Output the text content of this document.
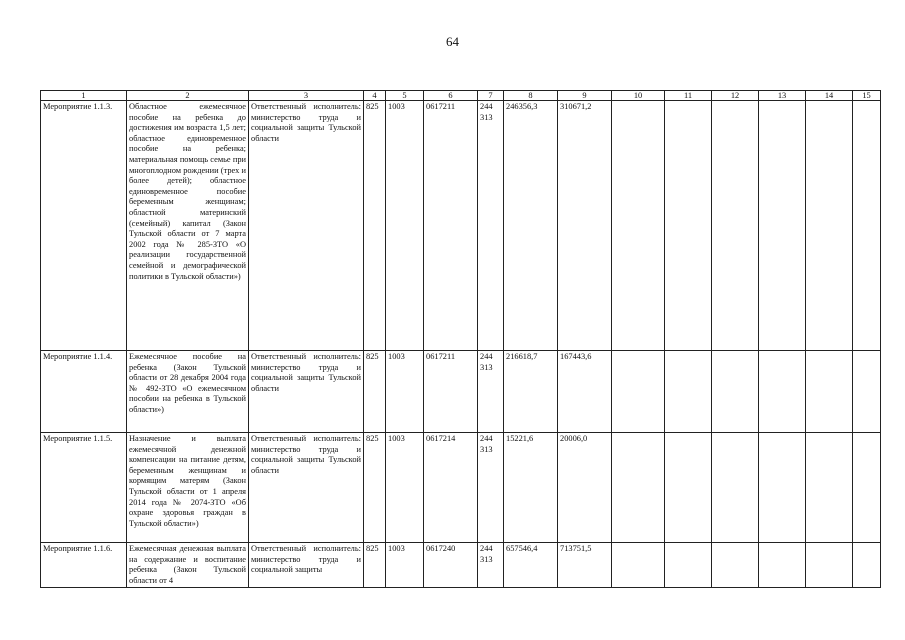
64
1	2	3	4	5	6	7	8	9	10	11	12	13	14	15
Мероприятие 1.1.3.	Областное ежемесячное пособие на ребенка до достижения им возраста 1,5 лет; областное единовременное пособие на ребенка; материальная помощь семье при многоплодном рождении (трех и более детей); областное единовременное пособие беременным женщинам; областной материнский (семейный) капитал (Закон Тульской области от 7 марта 2002 года № 285-ЗТО «О реализации государственной семейной и демографической политики в Тульской области»)	Ответственный исполнитель: министерство труда и социальной защиты Тульской области	825	1003	0617211	244 313	246356,3	310671,2						
Мероприятие 1.1.4.	Ежемесячное пособие на ребенка (Закон Тульской области от 28 декабря 2004 года № 492-ЗТО «О ежемесячном пособии на ребенка в Тульской области»)	Ответственный исполнитель: министерство труда и социальной защиты Тульской области	825	1003	0617211	244 313	216618,7	167443,6						
Мероприятие 1.1.5.	Назначение и выплата ежемесячной денежной компенсации на питание детям, беременным женщинам и кормящим матерям (Закон Тульской области от 1 апреля 2014 года № 2074-ЗТО «Об охране здоровья граждан в Тульской области»)	Ответственный исполнитель: министерство труда и социальной защиты Тульской области	825	1003	0617214	244 313	15221,6	20006,0						
Мероприятие 1.1.6.	Ежемесячная денежная выплата на содержание и воспитание ребенка (Закон Тульской области от 4	Ответственный исполнитель: министерство труда и социальной защиты	825	1003	0617240	244 313	657546,4	713751,5						
